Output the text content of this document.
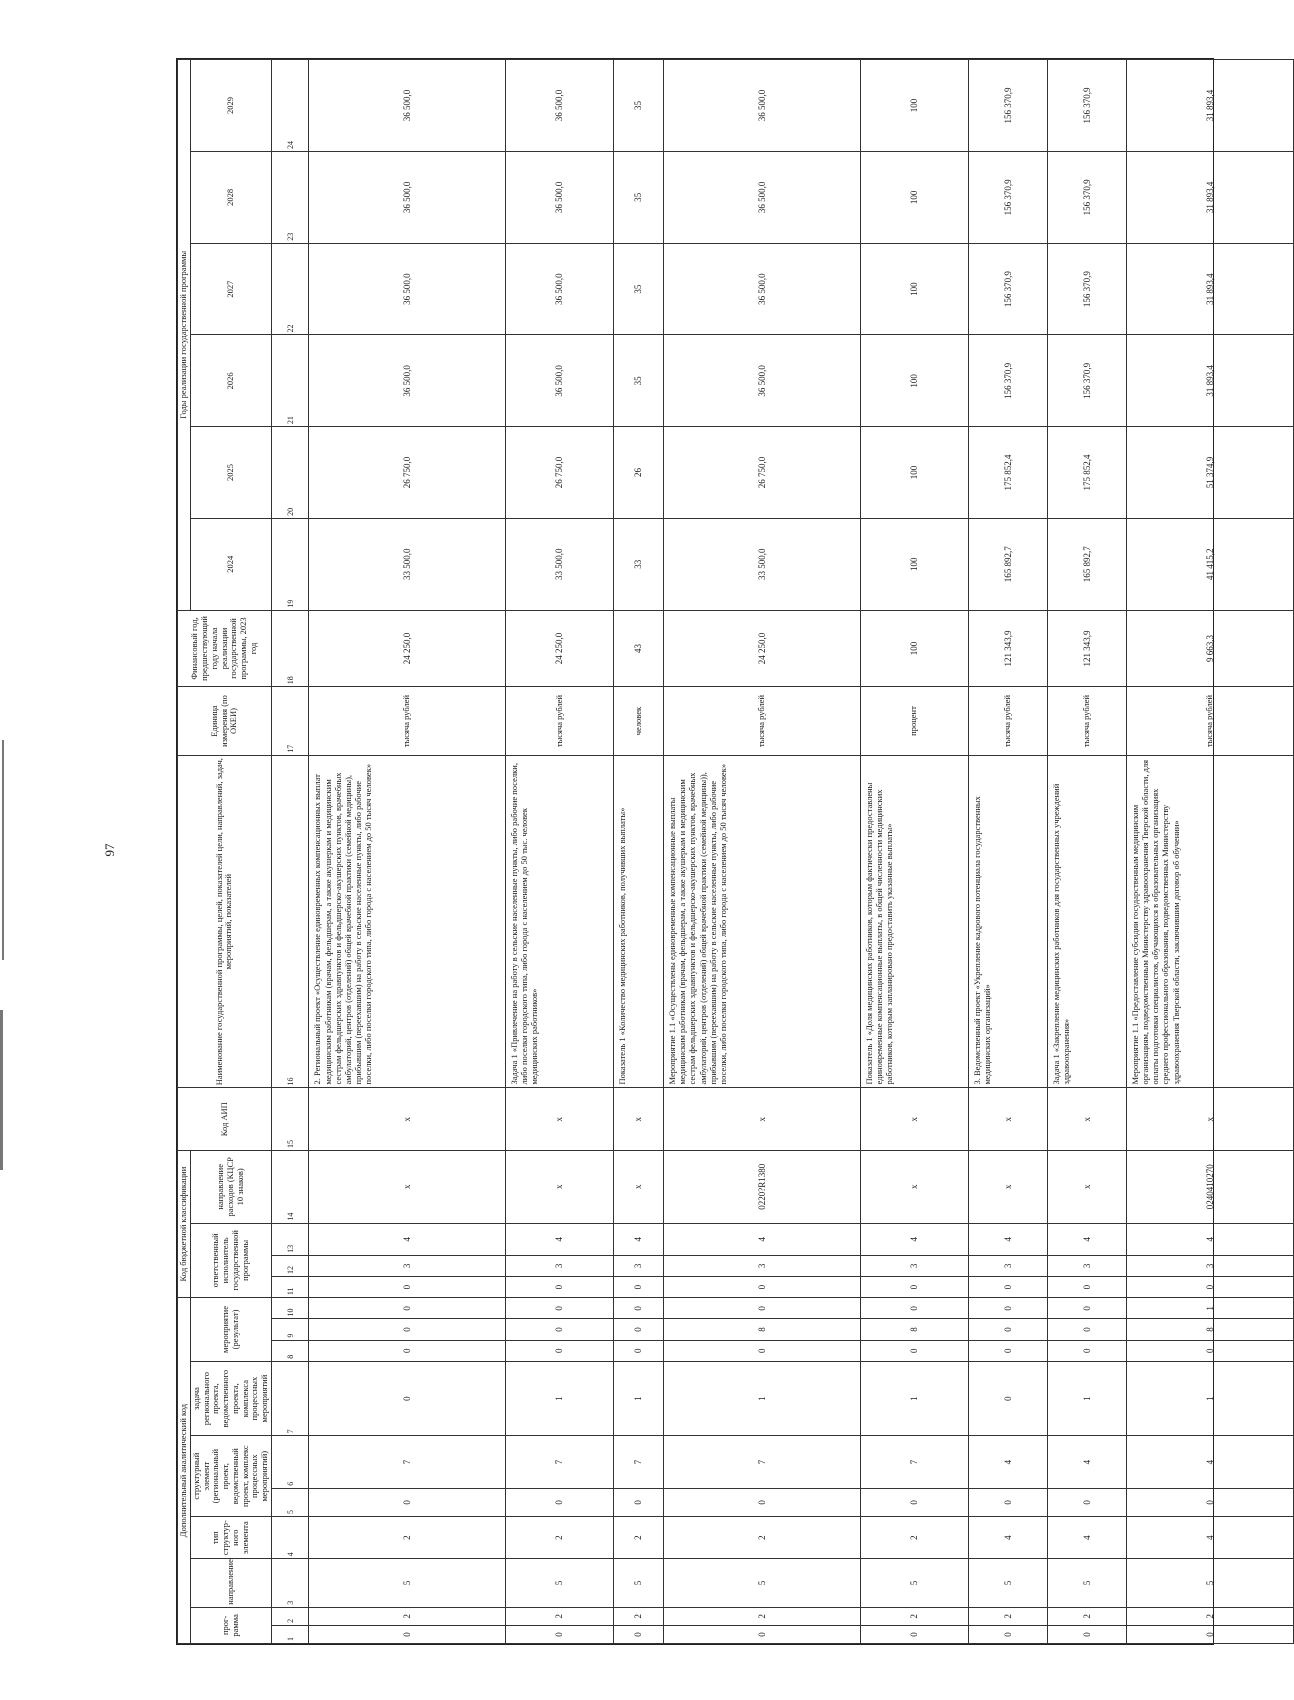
97
Дополнительный аналитический код										Код бюджетной классификации				Код АИП	Наименование государственной программы, целей, показателей цели, направлений, задач, мероприятий, показателей	Единица измерения (по ОКЕИ)	Финансовый год, предшествующий году начала реализации государственной программы, 2023 год	Годы реализации государственной программы					
прог-рамма		направление	тип структур-ного элемента	структурный элемент (региональный проект, ведомственный проект, комплекс процессных мероприятий)		задача регионального проекта, ведомственного проекта, комплекса процессных мероприятий	мероприятие (результат)			ответственный исполнитель государственной программы			направление расходов (КЦСР 10 знаков)					2024	2025	2026	2027	2028	2029

1	2	3	4	5	6	7	8	9	10	11	12	13	14	15	16	17	18	19	20	21	22	23	24
0	2	5	2	0	7	0	0	0	0	0	3	4	х	х	2. Региональный проект «Осуществление единовременных компенсационных выплат медицинским работникам (врачам, фельдшерам, а также акушеркам и медицинским сестрам фельдшерских здравпунктов и фельдшерско-акушерских пунктов, врачебных амбулаторий, центров (отделений) общей врачебной практики (семейной медицины), прибывшим (переехавшим) на работу в сельские населенные пункты, либо рабочие поселки, либо поселки городского типа, либо города с населением до 50 тысяч человек»	тысяча рублей	24 250,0	33 500,0	26 750,0	36 500,0	36 500,0	36 500,0	36 500,0
0	2	5	2	0	7	1	0	0	0	0	3	4	х	х	Задача 1 «Привлечение на работу в сельские населенные пункты, либо рабочие поселки, либо поселки городского типа, либо города с населением до 50 тыс. человек медицинских работников»	тысяча рублей	24 250,0	33 500,0	26 750,0	36 500,0	36 500,0	36 500,0	36 500,0
0	2	5	2	0	7	1	0	0	0	0	3	4	х	х	Показатель 1 «Количество медицинских работников, получивших выплаты»	человек	43	33	26	35	35	35	35
0	2	5	2	0	7	1	0	8	0	0	3	4	0220?R1380	х	Мероприятие 1.1 «Осуществлены единовременные компенсационные выплаты медицинским работникам (врачам, фельдшерам, а также акушеркам и медицинским сестрам фельдшерских здравпунктов и фельдшерско-акушерских пунктов, врачебных амбулаторий, центров (отделений) общей врачебной практики (семейной медицины)), прибывшим (переехавшим) на работу в сельские населенные пункты, либо рабочие поселки, либо поселки городского типа, либо города с населением до 50 тысяч человек»	тысяча рублей	24 250,0	33 500,0	26 750,0	36 500,0	36 500,0	36 500,0	36 500,0
0	2	5	2	0	7	1	0	8	0	0	3	4	х	х	Показатель 1 «Доля медицинских работников, которым фактически предоставлены единовременные компенсационные выплаты, в общей численности медицинских работников, которым запланировано предоставить указанные выплаты»	процент	100	100	100	100	100	100	100
0	2	5	4	0	4	0	0	0	0	0	3	4	х	х	3. Ведомственный проект «Укрепление кадрового потенциала государственных медицинских организаций»	тысяча рублей	121 343,9	165 892,7	175 852,4	156 370,9	156 370,9	156 370,9	156 370,9
0	2	5	4	0	4	1	0	0	0	0	3	4	х	х	Задача 1 «Закрепление медицинских работников для государственных учреждений здравоохранения»	тысяча рублей	121 343,9	165 892,7	175 852,4	156 370,9	156 370,9	156 370,9	156 370,9
0	2	5	4	0	4	1	0	8	1	0	3	4	0240410270	х	Мероприятие 1.1 «Предоставление субсидии государственным медицинским организациям, подведомственным Министерству здравоохранения Тверской области, для оплаты подготовки специалистов, обучающихся в образовательных организациях среднего профессионального образования, подведомственных Министерству здравоохранения Тверской области, заключившим договор об обучении»	тысяча рублей	9 663,3	41 415,2	51 374,9	31 893,4	31 893,4	31 893,4	31 893,4
